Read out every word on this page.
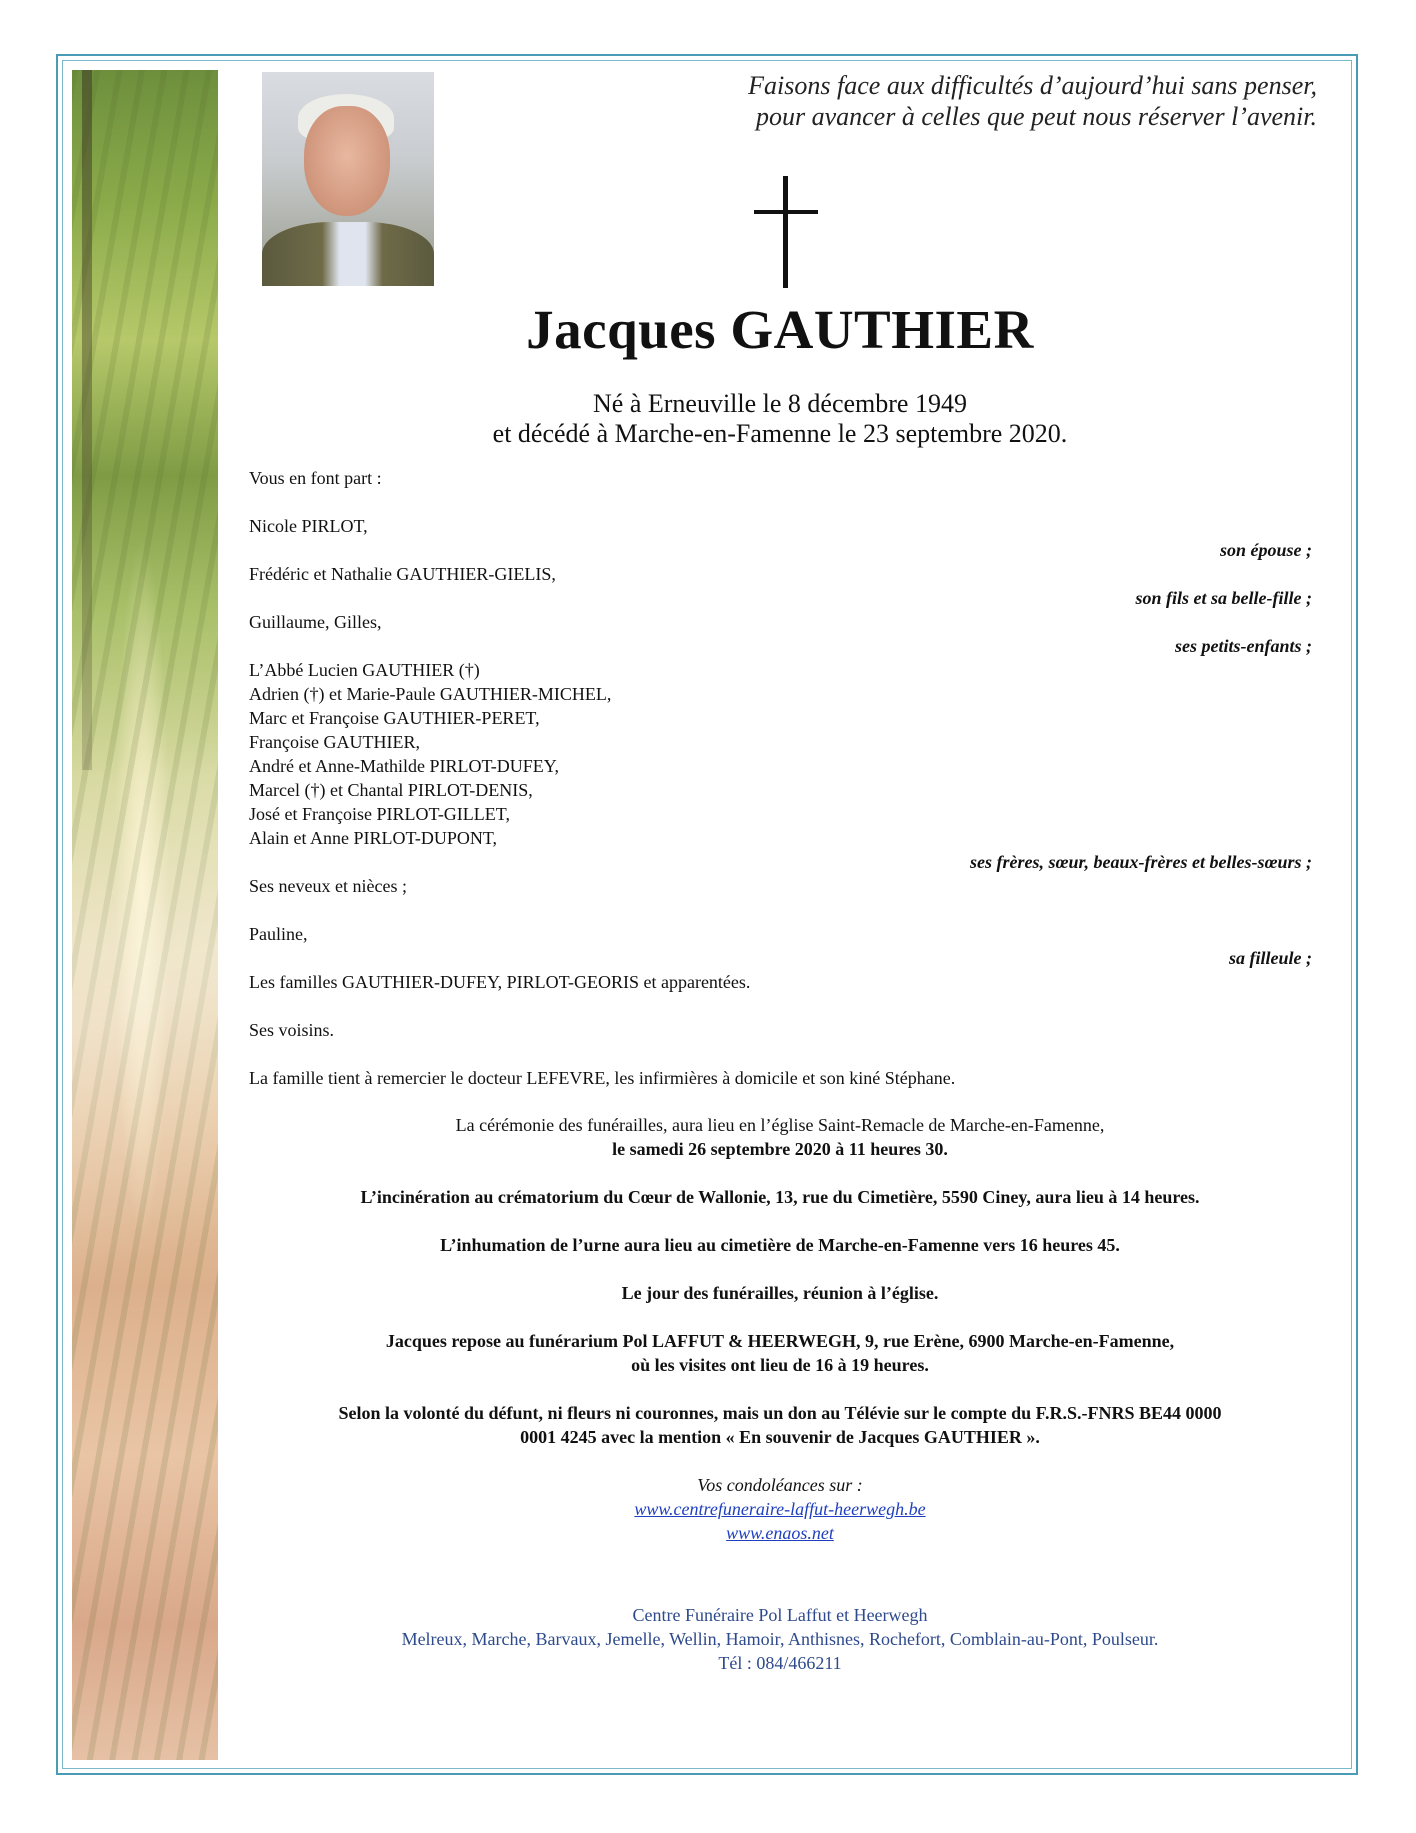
Faisons face aux difficultés d’aujourd’hui sans penser,
pour avancer à celles que peut nous réserver l’avenir.
Jacques GAUTHIER
Né à Erneuville le 8 décembre 1949
et décédé à Marche-en-Famenne le 23 septembre 2020.

Vous en font part :

Nicole PIRLOT,

son épouse ;

Frédéric et Nathalie GAUTHIER-GIELIS,

son fils et sa belle-fille ;

Guillaume, Gilles,

ses petits-enfants ;

L’Abbé Lucien GAUTHIER (†)

Adrien (†) et Marie-Paule GAUTHIER-MICHEL,

Marc et Françoise GAUTHIER-PERET,

Françoise GAUTHIER,

André et Anne-Mathilde PIRLOT-DUFEY,

Marcel (†) et Chantal PIRLOT-DENIS,

José et Françoise PIRLOT-GILLET,

Alain et Anne PIRLOT-DUPONT,

ses frères, sœur, beaux-frères et belles-sœurs ;

Ses neveux et nièces ;

Pauline,

sa filleule ;

Les familles GAUTHIER-DUFEY, PIRLOT-GEORIS et apparentées.

Ses voisins.

La famille tient à remercier le docteur LEFEVRE, les infirmières à domicile et son kiné Stéphane.

La cérémonie des funérailles, aura lieu en l’église Saint-Remacle de Marche-en-Famenne,

le samedi 26 septembre 2020 à 11 heures 30.

L’incinération au crématorium du Cœur de Wallonie, 13, rue du Cimetière, 5590 Ciney, aura lieu à 14 heures.

L’inhumation de l’urne aura lieu au cimetière de Marche-en-Famenne vers 16 heures 45.

Le jour des funérailles, réunion à l’église.

Jacques repose au funérarium Pol LAFFUT & HEERWEGH, 9, rue Erène, 6900 Marche-en-Famenne,

où les visites ont lieu de 16 à 19 heures.

Selon la volonté du défunt, ni fleurs ni couronnes, mais un don au Télévie sur le compte du F.R.S.-FNRS BE44 0000

0001 4245 avec la mention « En souvenir de Jacques GAUTHIER ».

Vos condoléances sur :

www.centrefuneraire-laffut-heerwegh.be

www.enaos.net

Centre Funéraire Pol Laffut et Heerwegh

Melreux, Marche, Barvaux, Jemelle, Wellin, Hamoir, Anthisnes, Rochefort, Comblain-au-Pont, Poulseur.

Tél : 084/466211
